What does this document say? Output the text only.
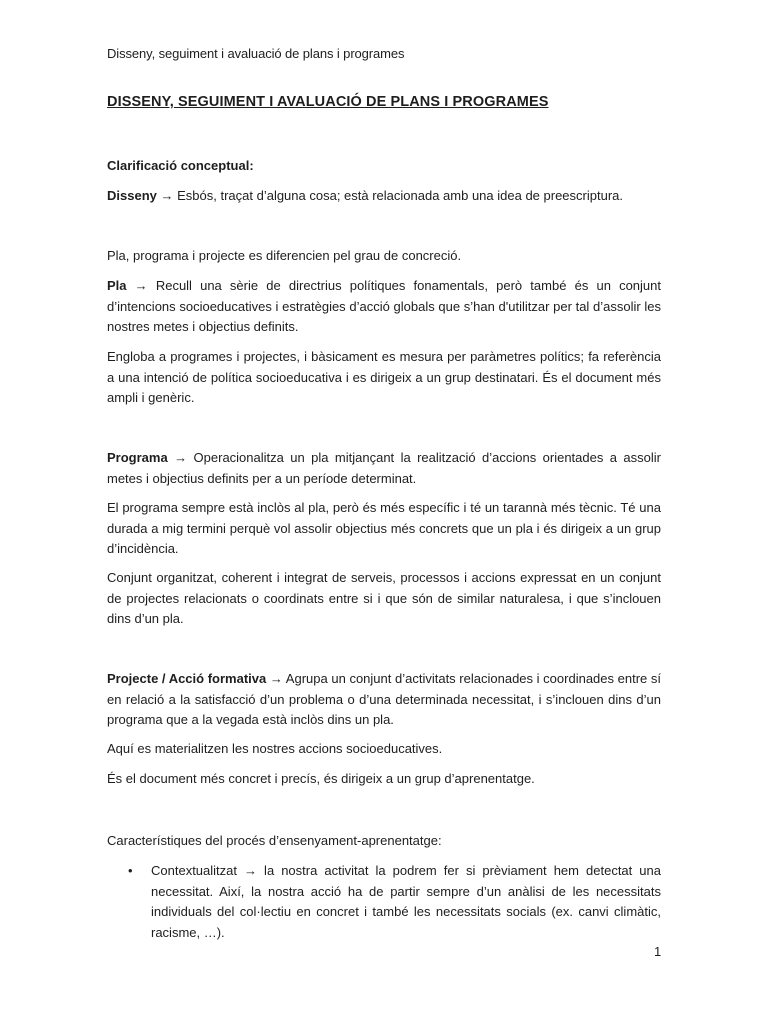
Disseny, seguiment i avaluació de plans i programes
DISSENY, SEGUIMENT I AVALUACIÓ DE PLANS I PROGRAMES
Clarificació conceptual:
Disseny → Esbós, traçat d’alguna cosa; està relacionada amb una idea de preescriptura.
Pla, programa i projecte es diferencien pel grau de concreció.
Pla → Recull una sèrie de directrius polítiques fonamentals, però també és un conjunt d’intencions socioeducatives i estratègies d’acció globals que s’han d'utilitzar per tal d’assolir les nostres metes i objectius definits.
Engloba a programes i projectes, i bàsicament es mesura per paràmetres polítics; fa referència a una intenció de política socioeducativa i es dirigeix a un grup destinatari. És el document més ampli i genèric.
Programa → Operacionalitza un pla mitjançant la realització d’accions orientades a assolir metes i objectius definits per a un període determinat.
El programa sempre està inclòs al pla, però és més específic i té un tarannà més tècnic. Té una durada a mig termini perquè vol assolir objectius més concrets que un pla i és dirigeix a un grup d’incidència.
Conjunt organitzat, coherent i integrat de serveis, processos i accions expressat en un conjunt de projectes relacionats o coordinats entre si i que són de similar naturalesa, i que s’inclouen dins d’un pla.
Projecte / Acció formativa → Agrupa un conjunt d’activitats relacionades i coordinades entre sí en relació a la satisfacció d’un problema o d’una determinada necessitat, i s’inclouen dins d’un programa que a la vegada està inclòs dins un pla.
Aquí es materialitzen les nostres accions socioeducatives.
És el document més concret i precís, és dirigeix a un grup d’aprenentatge.
Característiques del procés d’ensenyament-aprenentatge:
• Contextualitzat → la nostra activitat la podrem fer si prèviament hem detectat una necessitat. Així, la nostra acció ha de partir sempre d’un anàlisi de les necessitats individuals del col·lectiu en concret i també les necessitats socials (ex. canvi climàtic, racisme, …).
1
